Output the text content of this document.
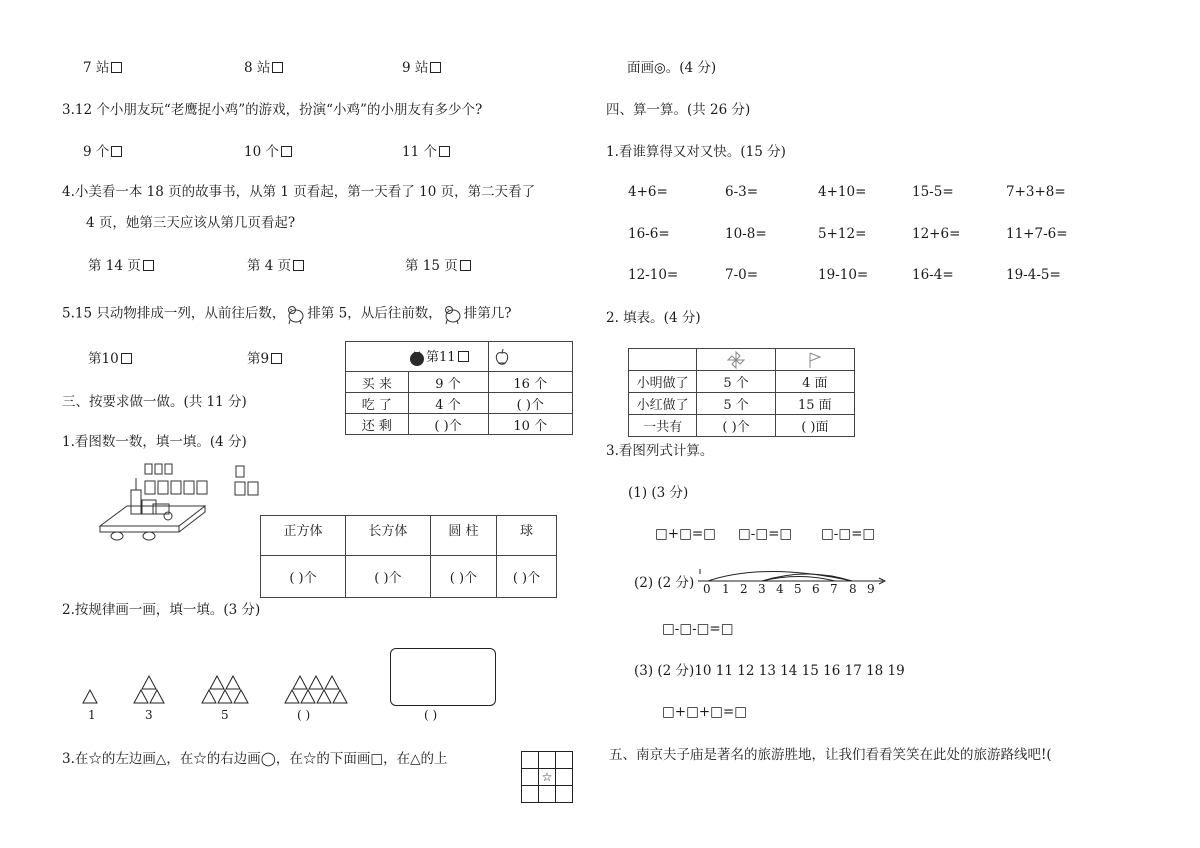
7 站	8 站	9 站
3.12 个小朋友玩“老鹰捉小鸡”的游戏，扮演“小鸡”的小朋友有多少个?
9 个	10 个	11 个
4.小美看一本 18 页的故事书，从第 1 页看起，第一天看了 10 页，第二天看了
4 页，她第三天应该从第几页看起?
第 14 页	第 4 页	第 15 页
5.15 只动物排成一列，从前往后数， 排第 5，从后往前数， 排第几?
第10	第9
		第11	
买 来	9 个	16 个
吃 了	4 个	( )个
还 剩	( )个	10 个
三、按要求做一做。(共 11 分)
1.看图数一数，填一填。(4 分)
正方体	长方体	圆 柱	球
( )个	( )个	( )个	( )个
2.按规律画一画，填一填。(3 分)
1	3	5	( )	( )
3.在☆的左边画△，在☆的右边画◯，在☆的下面画□，在△的上
☆
面画◎。(4 分)
四、算一算。(共 26 分)
1.看谁算得又对又快。(15 分)
4+6=	6-3=	4+10=	15-5=	7+3+8=
16-6=	10-8=	5+12=	12+6=	11+7-6=
12-10=	7-0=	19-10=	16-4=	19-4-5=
2. 填表。(4 分)

小明做了	5 个	4 面
小红做了	5 个	15 面
一共有	( )个	( )面
3.看图列式计算。
(1) (3 分)
□+□=□ □-□=□ □-□=□
(2) (2 分) 0 1 2 3 4 5 6 7 8 9
□-□-□=□
(3) (2 分)10 11 12 13 14 15 16 17 18 19
□+□+□=□
五、南京夫子庙是著名的旅游胜地，让我们看看笑笑在此处的旅游路线吧!(
